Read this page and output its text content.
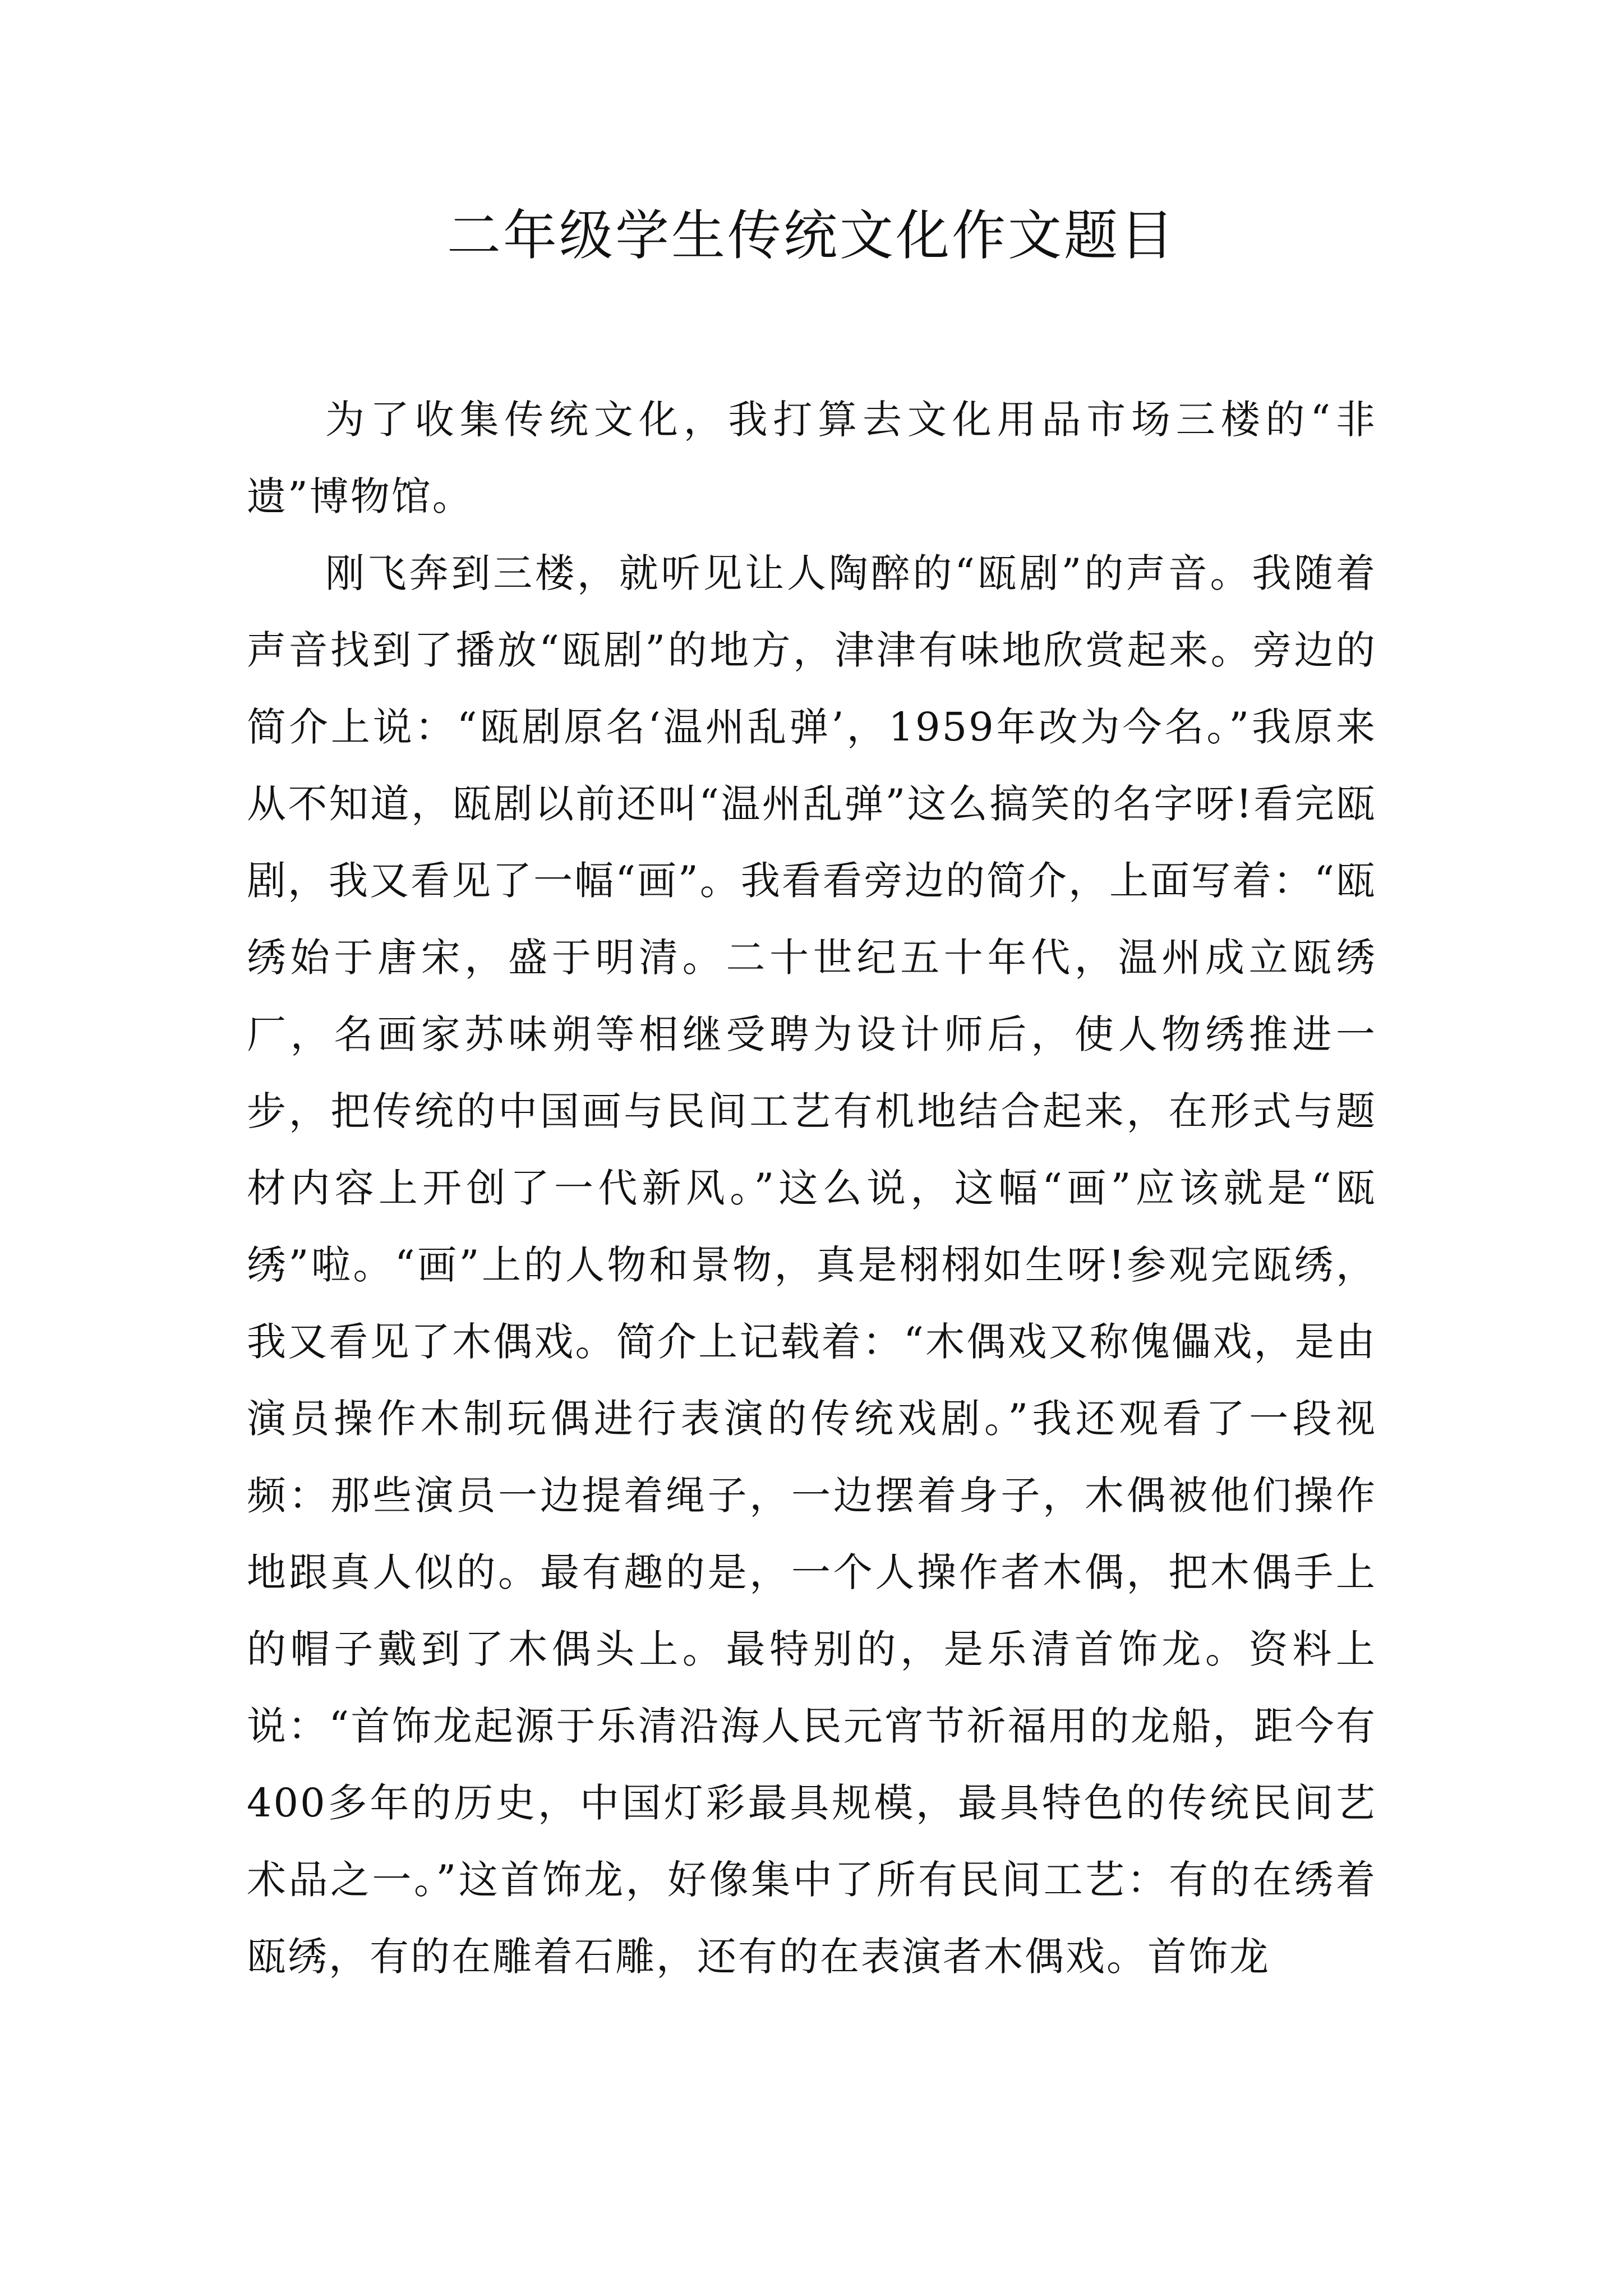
二年级学生传统文化作文题目

为了收集传统文化，我打算去文化用品市场三楼的“非遗”博物馆。

刚飞奔到三楼，就听见让人陶醉的“瓯剧”的声音。我随着声音找到了播放“瓯剧”的地方，津津有味地欣赏起来。旁边的简介上说：“瓯剧原名‘温州乱弹’，1959年改为今名。”我原来从不知道，瓯剧以前还叫“温州乱弹”这么搞笑的名字呀!看完瓯剧，我又看见了一幅“画”。我看看旁边的简介，上面写着：“瓯绣始于唐宋，盛于明清。二十世纪五十年代，温州成立瓯绣厂，名画家苏味朔等相继受聘为设计师后，使人物绣推进一步，把传统的中国画与民间工艺有机地结合起来，在形式与题材内容上开创了一代新风。”这么说，这幅“画”应该就是“瓯绣”啦。“画”上的人物和景物，真是栩栩如生呀!参观完瓯绣，我又看见了木偶戏。简介上记载着：“木偶戏又称傀儡戏，是由演员操作木制玩偶进行表演的传统戏剧。”我还观看了一段视频：那些演员一边提着绳子，一边摆着身子，木偶被他们操作地跟真人似的。最有趣的是，一个人操作者木偶，把木偶手上的帽子戴到了木偶头上。最特别的，是乐清首饰龙。资料上说：“首饰龙起源于乐清沿海人民元宵节祈福用的龙船，距今有400多年的历史，中国灯彩最具规模，最具特色的传统民间艺术品之一。”这首饰龙，好像集中了所有民间工艺：有的在绣着瓯绣，有的在雕着石雕，还有的在表演者木偶戏。首饰龙
